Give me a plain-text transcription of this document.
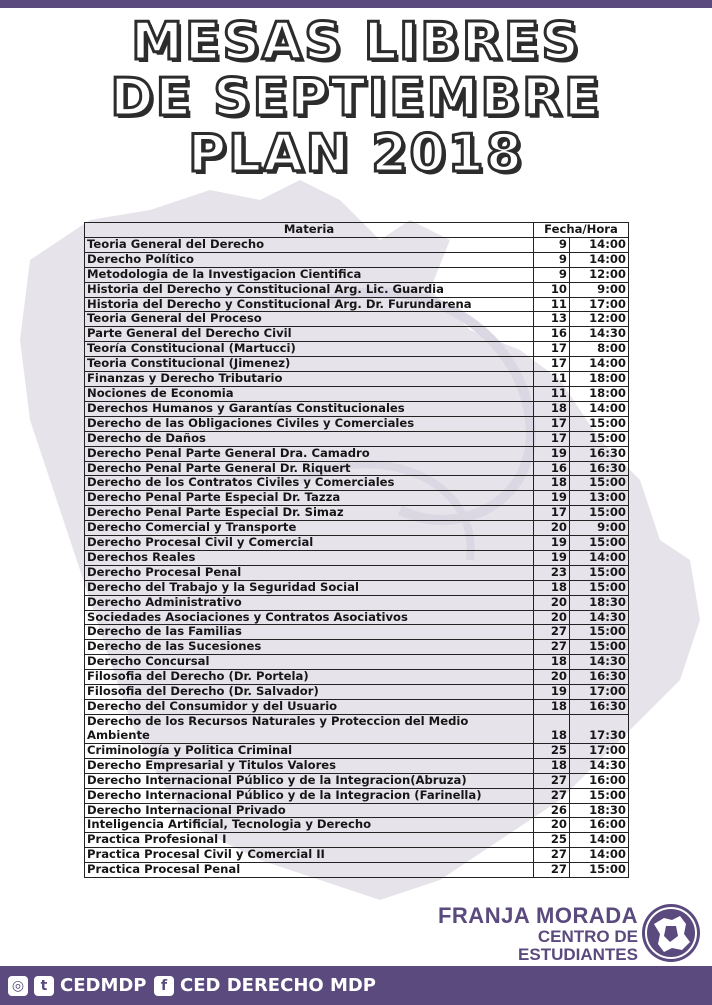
MESAS LIBRES
DE SEPTIEMBRE
PLAN 2018
Materia	Fecha/Hora	
Teoria General del Derecho	9	14:00
Derecho Político	9	14:00
Metodologia de la Investigacion Cientifica	9	12:00
Historia del Derecho y Constitucional Arg. Lic. Guardia	10	9:00
Historia del Derecho y Constitucional Arg. Dr. Furundarena	11	17:00
Teoria General del Proceso	13	12:00
Parte General del Derecho Civil	16	14:30
Teoría Constitucional (Martucci)	17	8:00
Teoria Constitucional (Jimenez)	17	14:00
Finanzas y Derecho Tributario	11	18:00
Nociones de Economia	11	18:00
Derechos Humanos y Garantías Constitucionales	18	14:00
Derecho de las Obligaciones Civiles y Comerciales	17	15:00
Derecho de Daños	17	15:00
Derecho Penal Parte General Dra. Camadro	19	16:30
Derecho Penal Parte General Dr. Riquert	16	16:30
Derecho de los Contratos Civiles y Comerciales	18	15:00
Derecho Penal Parte Especial Dr. Tazza	19	13:00
Derecho Penal Parte Especial Dr. Simaz	17	15:00
Derecho Comercial y Transporte	20	9:00
Derecho Procesal Civil y Comercial	19	15:00
Derechos Reales	19	14:00
Derecho Procesal Penal	23	15:00
Derecho del Trabajo y la Seguridad Social	18	15:00
Derecho Administrativo	20	18:30
Sociedades Asociaciones y Contratos Asociativos	20	14:30
Derecho de las Familias	27	15:00
Derecho de las Sucesiones	27	15:00
Derecho Concursal	18	14:30
Filosofia del Derecho (Dr. Portela)	20	16:30
Filosofia del Derecho (Dr. Salvador)	19	17:00
Derecho del Consumidor y del Usuario	18	16:30
Derecho de los Recursos Naturales y Proteccion del Medio Ambiente	18	17:30
Criminología y Politica Criminal	25	17:00
Derecho Empresarial y Titulos Valores	18	14:30
Derecho Internacional Público y de la Integracion(Abruza)	27	16:00
Derecho Internacional Público y de la Integracion (Farinella)	27	15:00
Derecho Internacional Privado	26	18:30
Inteligencia Artificial, Tecnologia y Derecho	20	16:00
Practica Profesional I	25	14:00
Practica Procesal Civil y Comercial II	27	14:00
Practica Procesal Penal	27	15:00
FRANJA MORADA
CENTRO DE ESTUDIANTES
◎	t CEDMDP	f CED DERECHO MDP
